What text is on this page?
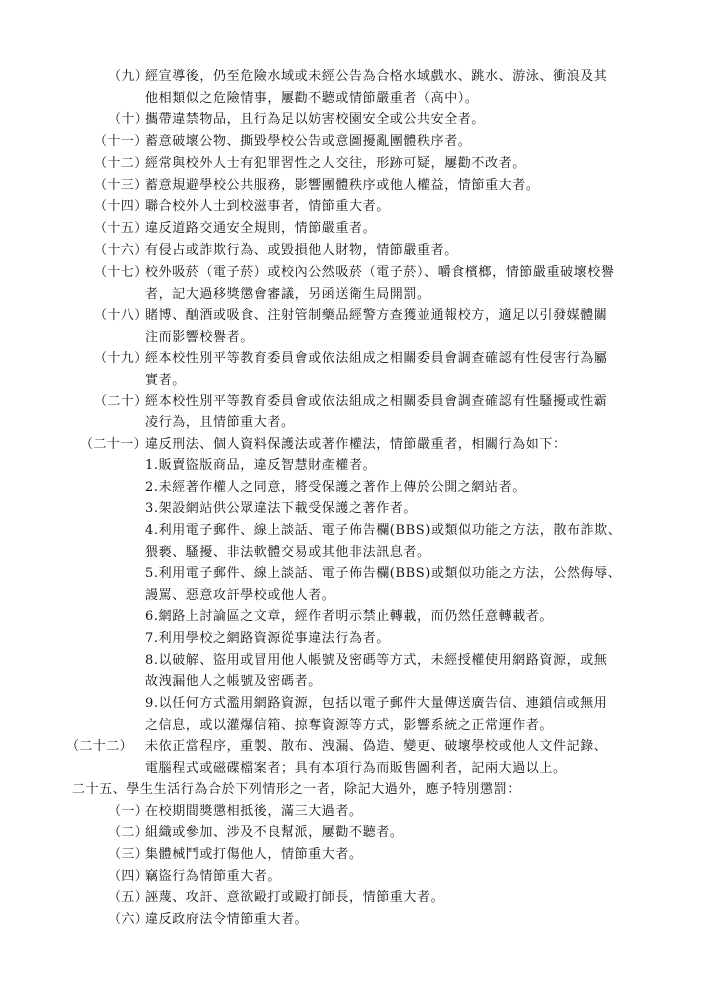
（九）
經宣導後，仍至危險水域或未經公告為合格水域戲水、跳水、游泳、衝浪及其
他相類似之危險情事，屢勸不聽或情節嚴重者（高中）。
（十）
攜帶違禁物品，且行為足以妨害校園安全或公共安全者。
（十一）
蓄意破壞公物、撕毀學校公告或意圖擾亂團體秩序者。
（十二）
經常與校外人士有犯罪習性之人交往，形跡可疑，屢勸不改者。
（十三）
蓄意規避學校公共服務，影響團體秩序或他人權益，情節重大者。
（十四）
聯合校外人士到校滋事者，情節重大者。
（十五）
違反道路交通安全規則，情節嚴重者。
（十六）
有侵占或詐欺行為、或毀損他人財物，情節嚴重者。
（十七）
校外吸菸（電子菸）或校內公然吸菸（電子菸）、嚼食檳榔，情節嚴重破壞校譽
者，記大過移獎懲會審議，另函送衛生局開罰。
（十八）
賭博、酗酒或吸食、注射管制藥品經警方查獲並通報校方，適足以引發媒體關
注而影響校譽者。
（十九）
經本校性別平等教育委員會或依法組成之相關委員會調查確認有性侵害行為屬
實者。
（二十）
經本校性別平等教育委員會或依法組成之相關委員會調查確認有性騷擾或性霸
凌行為，且情節重大者。
（二十一）
違反刑法、個人資料保護法或著作權法，情節嚴重者，相關行為如下：
1.販賣盜版商品，違反智慧財產權者。
2.未經著作權人之同意，將受保護之著作上傳於公開之網站者。
3.架設網站供公眾違法下載受保護之著作者。
4.利用電子郵件、線上談話、電子佈告欄(BBS)或類似功能之方法，散布詐欺、
猥褻、騷擾、非法軟體交易或其他非法訊息者。
5.利用電子郵件、線上談話、電子佈告欄(BBS)或類似功能之方法，公然侮辱、
謾罵、惡意攻訐學校或他人者。
6.網路上討論區之文章，經作者明示禁止轉載，而仍然任意轉載者。
7.利用學校之網路資源從事違法行為者。
8.以破解、盜用或冒用他人帳號及密碼等方式，未經授權使用網路資源，或無
故洩漏他人之帳號及密碼者。
9.以任何方式濫用網路資源，包括以電子郵件大量傳送廣告信、連鎖信或無用
之信息，或以灌爆信箱、掠奪資源等方式，影響系統之正常運作者。
（二十二） 未依正當程序，重製、散布、洩漏、偽造、變更、破壞學校或他人文件記錄、
電腦程式或磁碟檔案者；具有本項行為而販售圖利者，記兩大過以上。
二十五、學生生活行為合於下列情形之一者，除記大過外，應予特別懲罰：
（一）
在校期間獎懲相抵後，滿三大過者。
（二）
組織或參加、涉及不良幫派，屢勸不聽者。
（三）
集體械鬥或打傷他人，情節重大者。
（四）
竊盜行為情節重大者。
（五）
誣蔑、攻訐、意欲毆打或毆打師長，情節重大者。
（六）
違反政府法令情節重大者。
